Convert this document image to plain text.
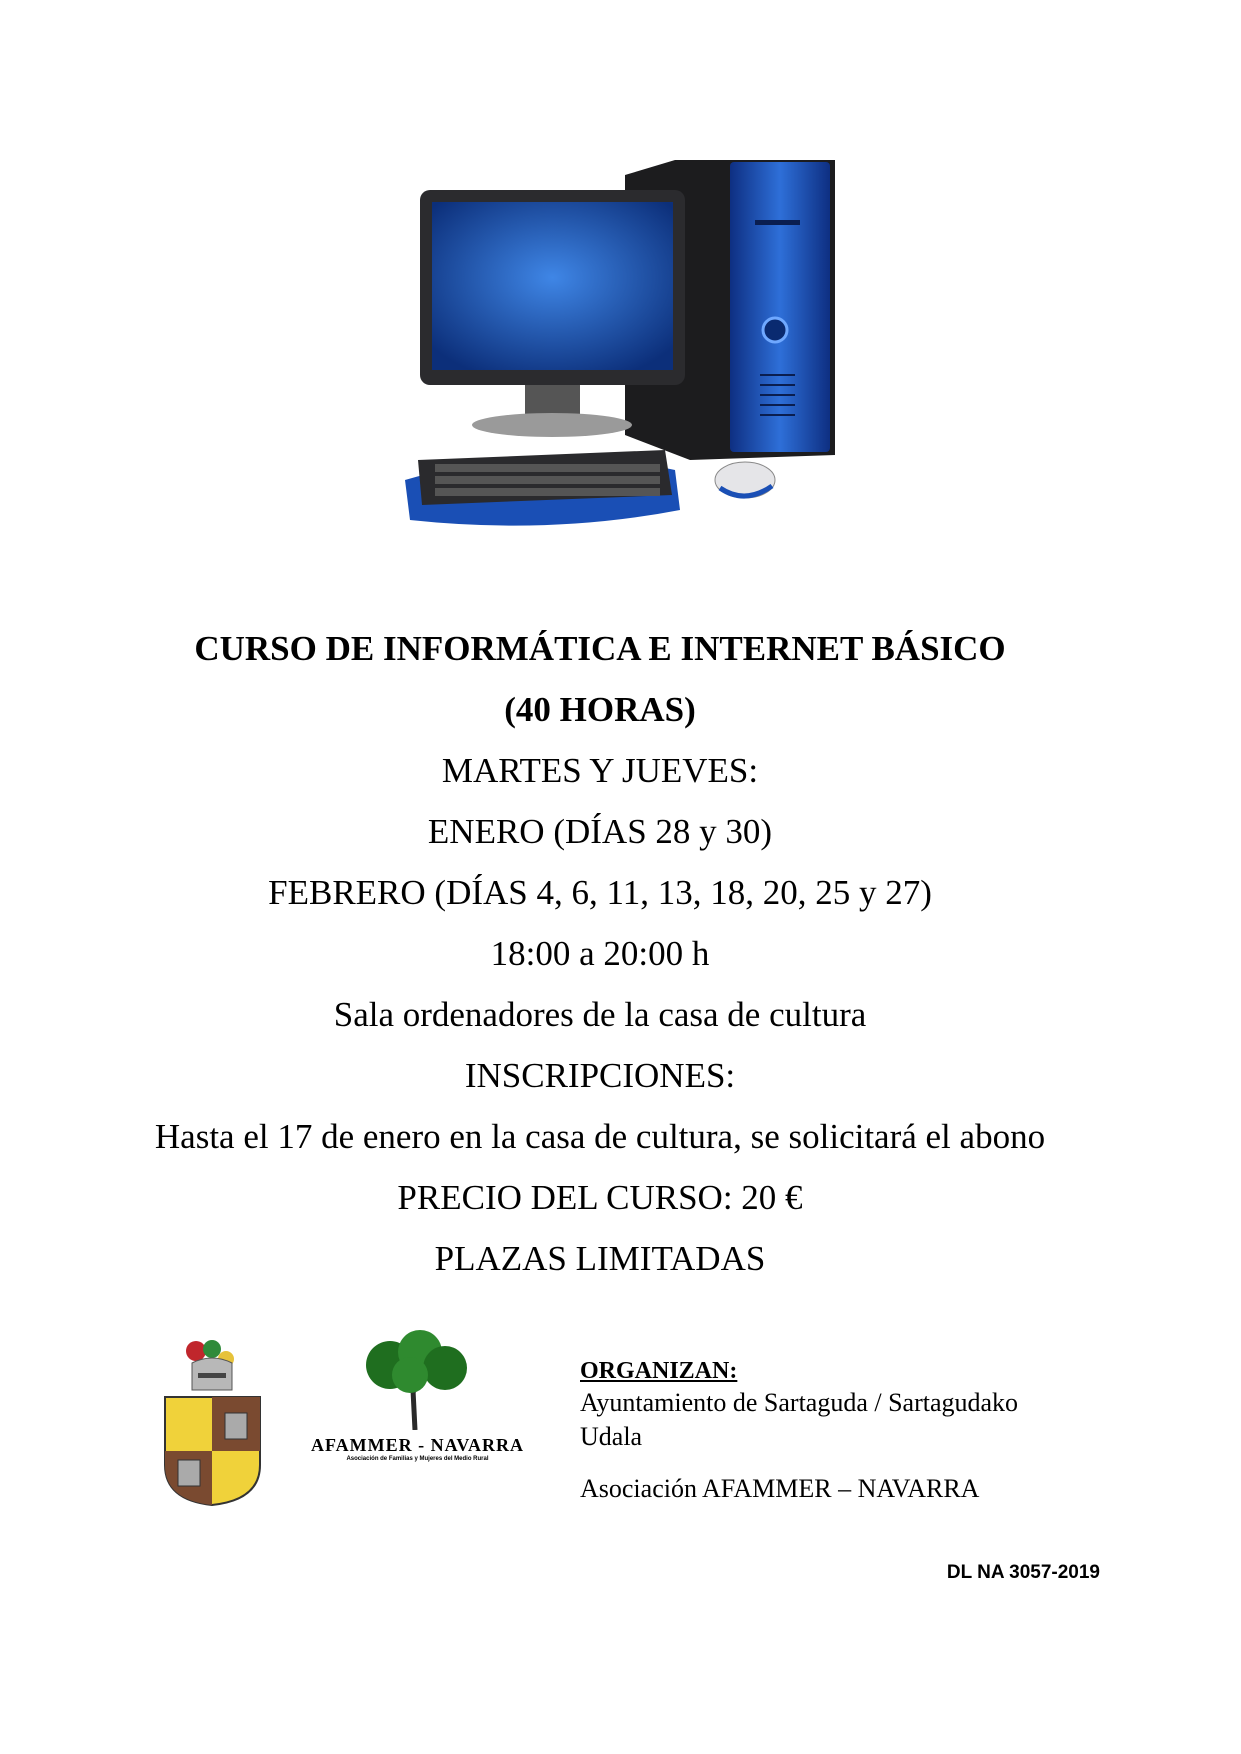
CURSO DE INFORMÁTICA E INTERNET BÁSICO
(40 HORAS)
MARTES Y JUEVES:
ENERO (DÍAS 28 y 30)
FEBRERO (DÍAS 4, 6, 11, 13, 18, 20, 25 y 27)
18:00 a 20:00 h
Sala ordenadores de la casa de cultura
INSCRIPCIONES:
Hasta el 17 de enero en la casa de cultura, se solicitará el abono
PRECIO DEL CURSO: 20 €
PLAZAS LIMITADAS
AFAMMER - NAVARRA
Asociación de Familias y Mujeres del Medio Rural
ORGANIZAN:
Ayuntamiento de Sartaguda / Sartagudako
Udala
Asociación AFAMMER – NAVARRA
DL NA 3057-2019
